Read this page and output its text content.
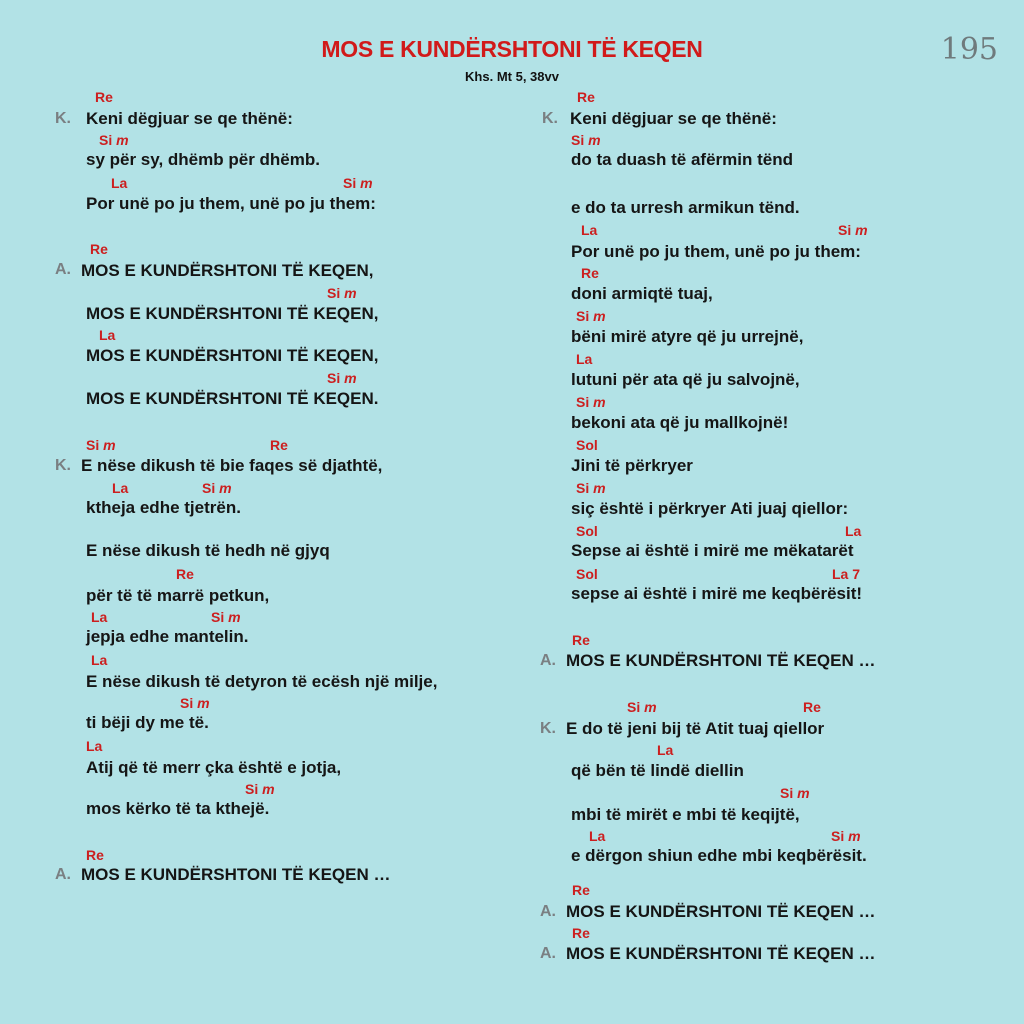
MOS E KUNDËRSHTONI TË KEQEN
Khs. Mt 5, 38vv
195
Re
K. Keni dëgjuar se qe thënë:
Si m
sy për sy, dhëmb për dhëmb.
La	Si m
Por unë po ju them, unë po ju them:
Re
A. MOS E KUNDËRSHTONI TË KEQEN,
Si m
MOS E KUNDËRSHTONI TË KEQEN,
La
MOS E KUNDËRSHTONI TË KEQEN,
Si m
MOS E KUNDËRSHTONI TË KEQEN.
Si m	Re
K. E nëse dikush të bie faqes së djathtë,
La	Si m
ktheja edhe tjetrën.
E nëse dikush të hedh në gjyq
Re
për të të marrë petkun,
La	Si m
jepja edhe mantelin.
La
E nëse dikush të detyron të ecësh një milje,
Si m
ti bëji dy me të.
La
Atij që të merr çka është e jotja,
Si m
mos kërko të ta kthejë.
Re
A. MOS E KUNDËRSHTONI TË KEQEN …
Re
K. Keni dëgjuar se qe thënë:
Si m
do ta duash të afërmin tënd
e do ta urresh armikun tënd.
La	Si m
Por unë po ju them, unë po ju them:
Re
doni armiqtë tuaj,
Si m
bëni mirë atyre që ju urrejnë,
La
lutuni për ata që ju salvojnë,
Si m
bekoni ata që ju mallkojnë!
Sol
Jini të përkryer
Si m
siç është i përkryer Ati juaj qiellor:
Sol	La
Sepse ai është i mirë me mëkatarët
Sol	La 7
sepse ai është i mirë me keqbërësit!
Re
A. MOS E KUNDËRSHTONI TË KEQEN …
Si m	Re
K. E do të jeni bij të Atit tuaj qiellor
La
që bën të lindë diellin
Si m
mbi të mirët e mbi të keqijtë,
La	Si m
e dërgon shiun edhe mbi keqbërësit.
Re
A. MOS E KUNDËRSHTONI TË KEQEN …
Re
A. MOS E KUNDËRSHTONI TË KEQEN …
